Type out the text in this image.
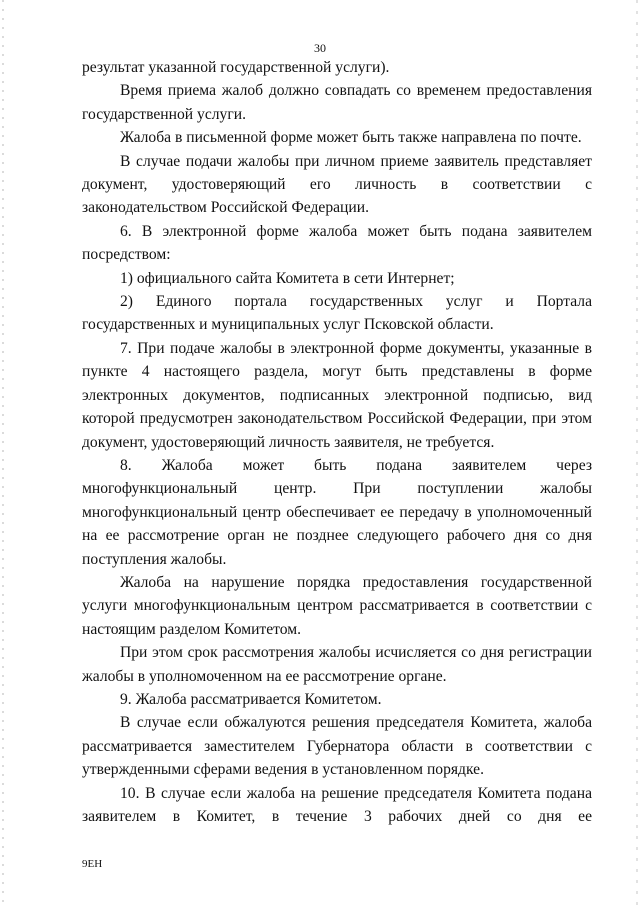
30

результат указанной государственной услуги).

Время приема жалоб должно совпадать со временем предоставления государственной услуги.

Жалоба в письменной форме может быть также направлена по почте.

В случае подачи жалобы при личном приеме заявитель представляет документ, удостоверяющий его личность в соответствии с законодательством Российской Федерации.

6. В электронной форме жалоба может быть подана заявителем посредством:

1) официального сайта Комитета в сети Интернет;

2) Единого портала государственных услуг и Портала государственных и муниципальных услуг Псковской области.

7. При подаче жалобы в электронной форме документы, указанные в пункте 4 настоящего раздела, могут быть представлены в форме электронных документов, подписанных электронной подписью, вид которой предусмотрен законодательством Российской Федерации, при этом документ, удостоверяющий личность заявителя, не требуется.

8. Жалоба может быть подана заявителем через многофункциональный центр. При поступлении жалобы многофункциональный центр обеспечивает ее передачу в уполномоченный на ее рассмотрение орган не позднее следующего рабочего дня со дня поступления жалобы.

Жалоба на нарушение порядка предоставления государственной услуги многофункциональным центром рассматривается в соответствии с настоящим разделом Комитетом.

При этом срок рассмотрения жалобы исчисляется со дня регистрации жалобы в уполномоченном на ее рассмотрение органе.

9. Жалоба рассматривается Комитетом.

В случае если обжалуются решения председателя Комитета, жалоба рассматривается заместителем Губернатора области в соответствии с утвержденными сферами ведения в установленном порядке.

10. В случае если жалоба на решение председателя Комитета подана заявителем в Комитет, в течение 3 рабочих дней со дня ее

9ЕН
